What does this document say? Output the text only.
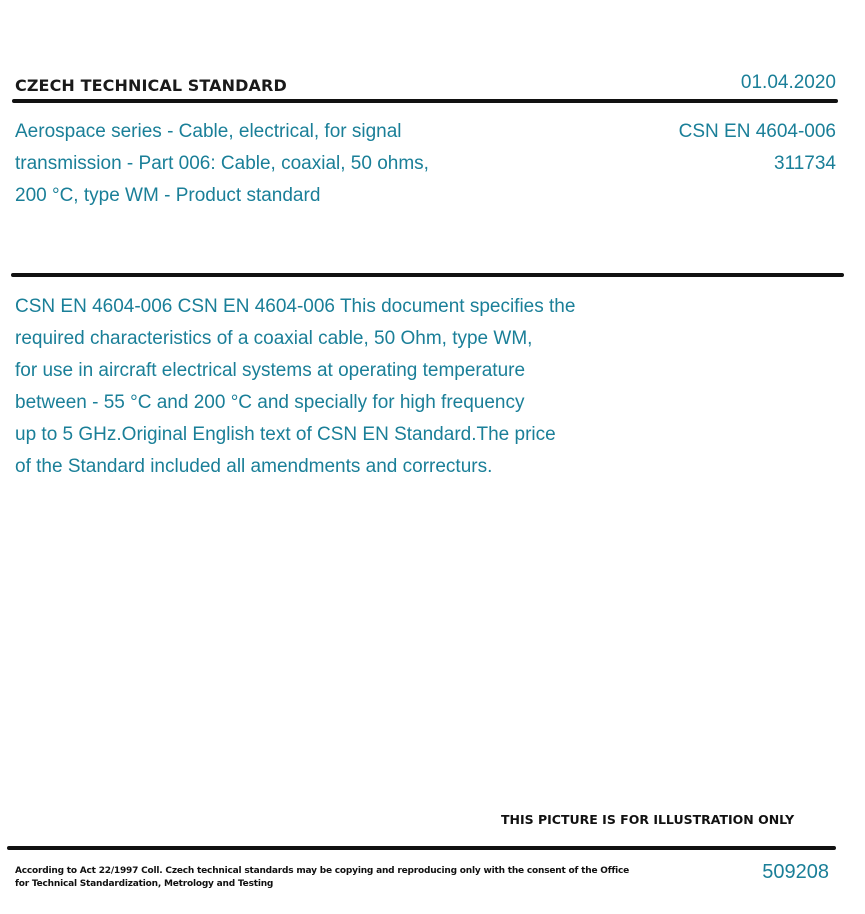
CZECH TECHNICAL STANDARD	01.04.2020
Aerospace series - Cable, electrical, for signal
transmission - Part 006: Cable, coaxial, 50 ohms,
200 °C, type WM - Product standard
CSN EN 4604-006
311734
CSN EN 4604-006 CSN EN 4604-006 This document specifies the
required characteristics of a coaxial cable, 50 Ohm, type WM,
for use in aircraft electrical systems at operating temperature
between - 55 °C and 200 °C and specially for high frequency
up to 5 GHz.Original English text of CSN EN Standard.The price
of the Standard included all amendments and correcturs.
THIS PICTURE IS FOR ILLUSTRATION ONLY
According to Act 22/1997 Coll. Czech technical standards may be copying and reproducing only with the consent of the Office
for Technical Standardization, Metrology and Testing
509208
